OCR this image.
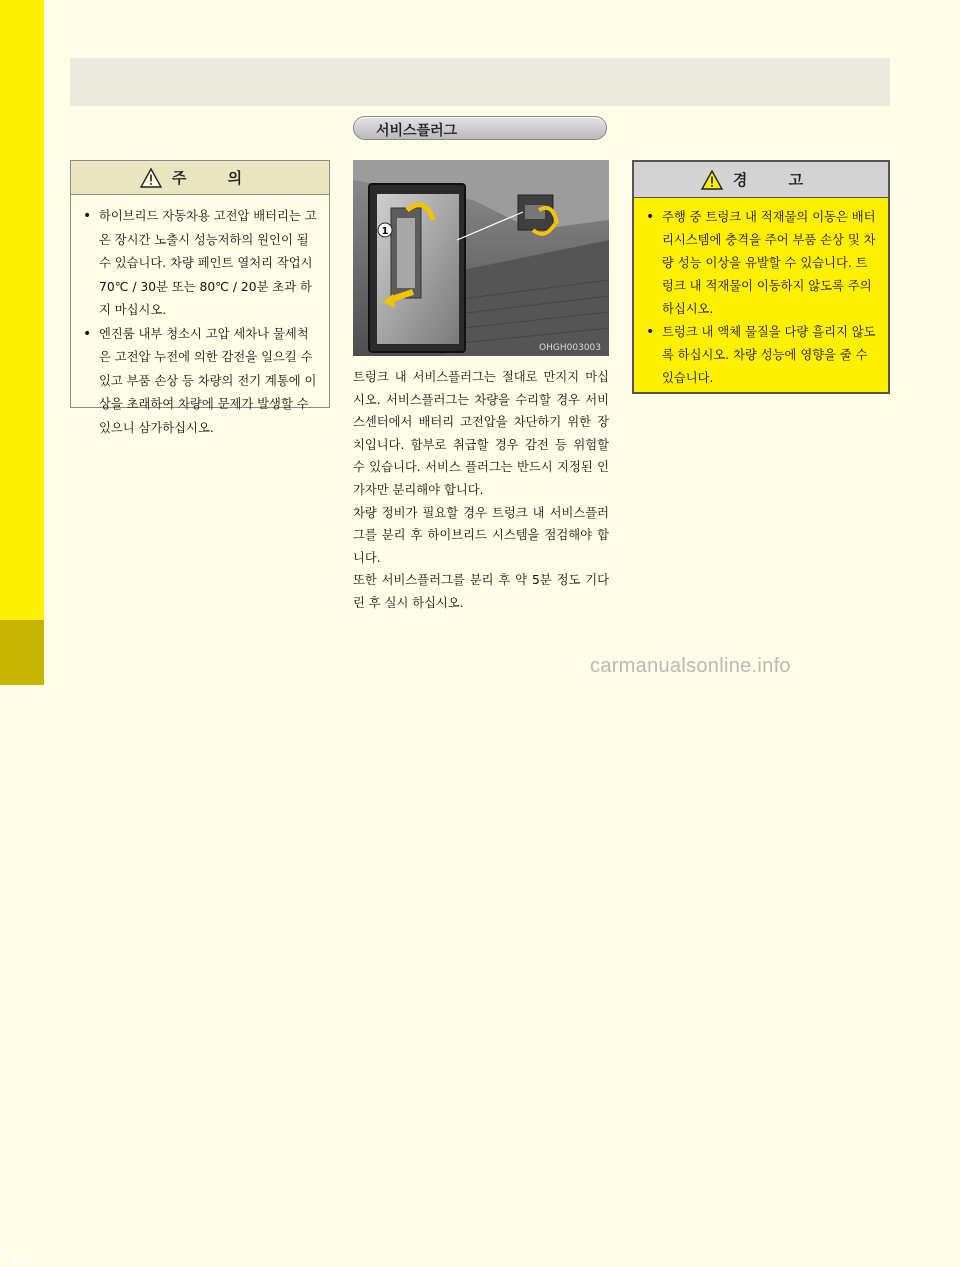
10
서비스플러그
주 의
• 하이브리드 자동차용 고전압 배터리는 고온 장시간 노출시 성능저하의 원인이 될 수 있습니다. 차량 페인트 열처리 작업시 70℃ / 30분 또는 80℃ / 20분 초과 하지 마십시오.
• 엔진룸 내부 청소시 고압 세차나 물세척은 고전압 누전에 의한 감전을 일으킬 수 있고 부품 손상 등 차량의 전기 계통에 이상을 초래하여 차량에 문제가 발생할 수 있으니 삼가하십시오.
1
OHGH003003

트렁크 내 서비스플러그는 절대로 만지지 마십시오. 서비스플러그는 차량을 수리할 경우 서비스센터에서 배터리 고전압을 차단하기 위한 장치입니다. 함부로 취급할 경우 감전 등 위험할 수 있습니다. 서비스 플러그는 반드시 지정된 인가자만 분리해야 합니다.

차량 정비가 필요할 경우 트렁크 내 서비스플러그를 분리 후 하이브리드 시스템을 점검해야 합니다.

또한 서비스플러그를 분리 후 약 5분 정도 기다린 후 실시 하십시오.

경 고
• 주행 중 트렁크 내 적재물의 이동은 배터리시스템에 충격을 주어 부품 손상 및 차량 성능 이상을 유발할 수 있습니다. 트렁크 내 적재물이 이동하지 않도록 주의하십시오.
• 트렁크 내 액체 물질을 다량 흘리지 않도록 하십시오. 차량 성능에 영향을 줄 수 있습니다.
carmanualsonline.info
